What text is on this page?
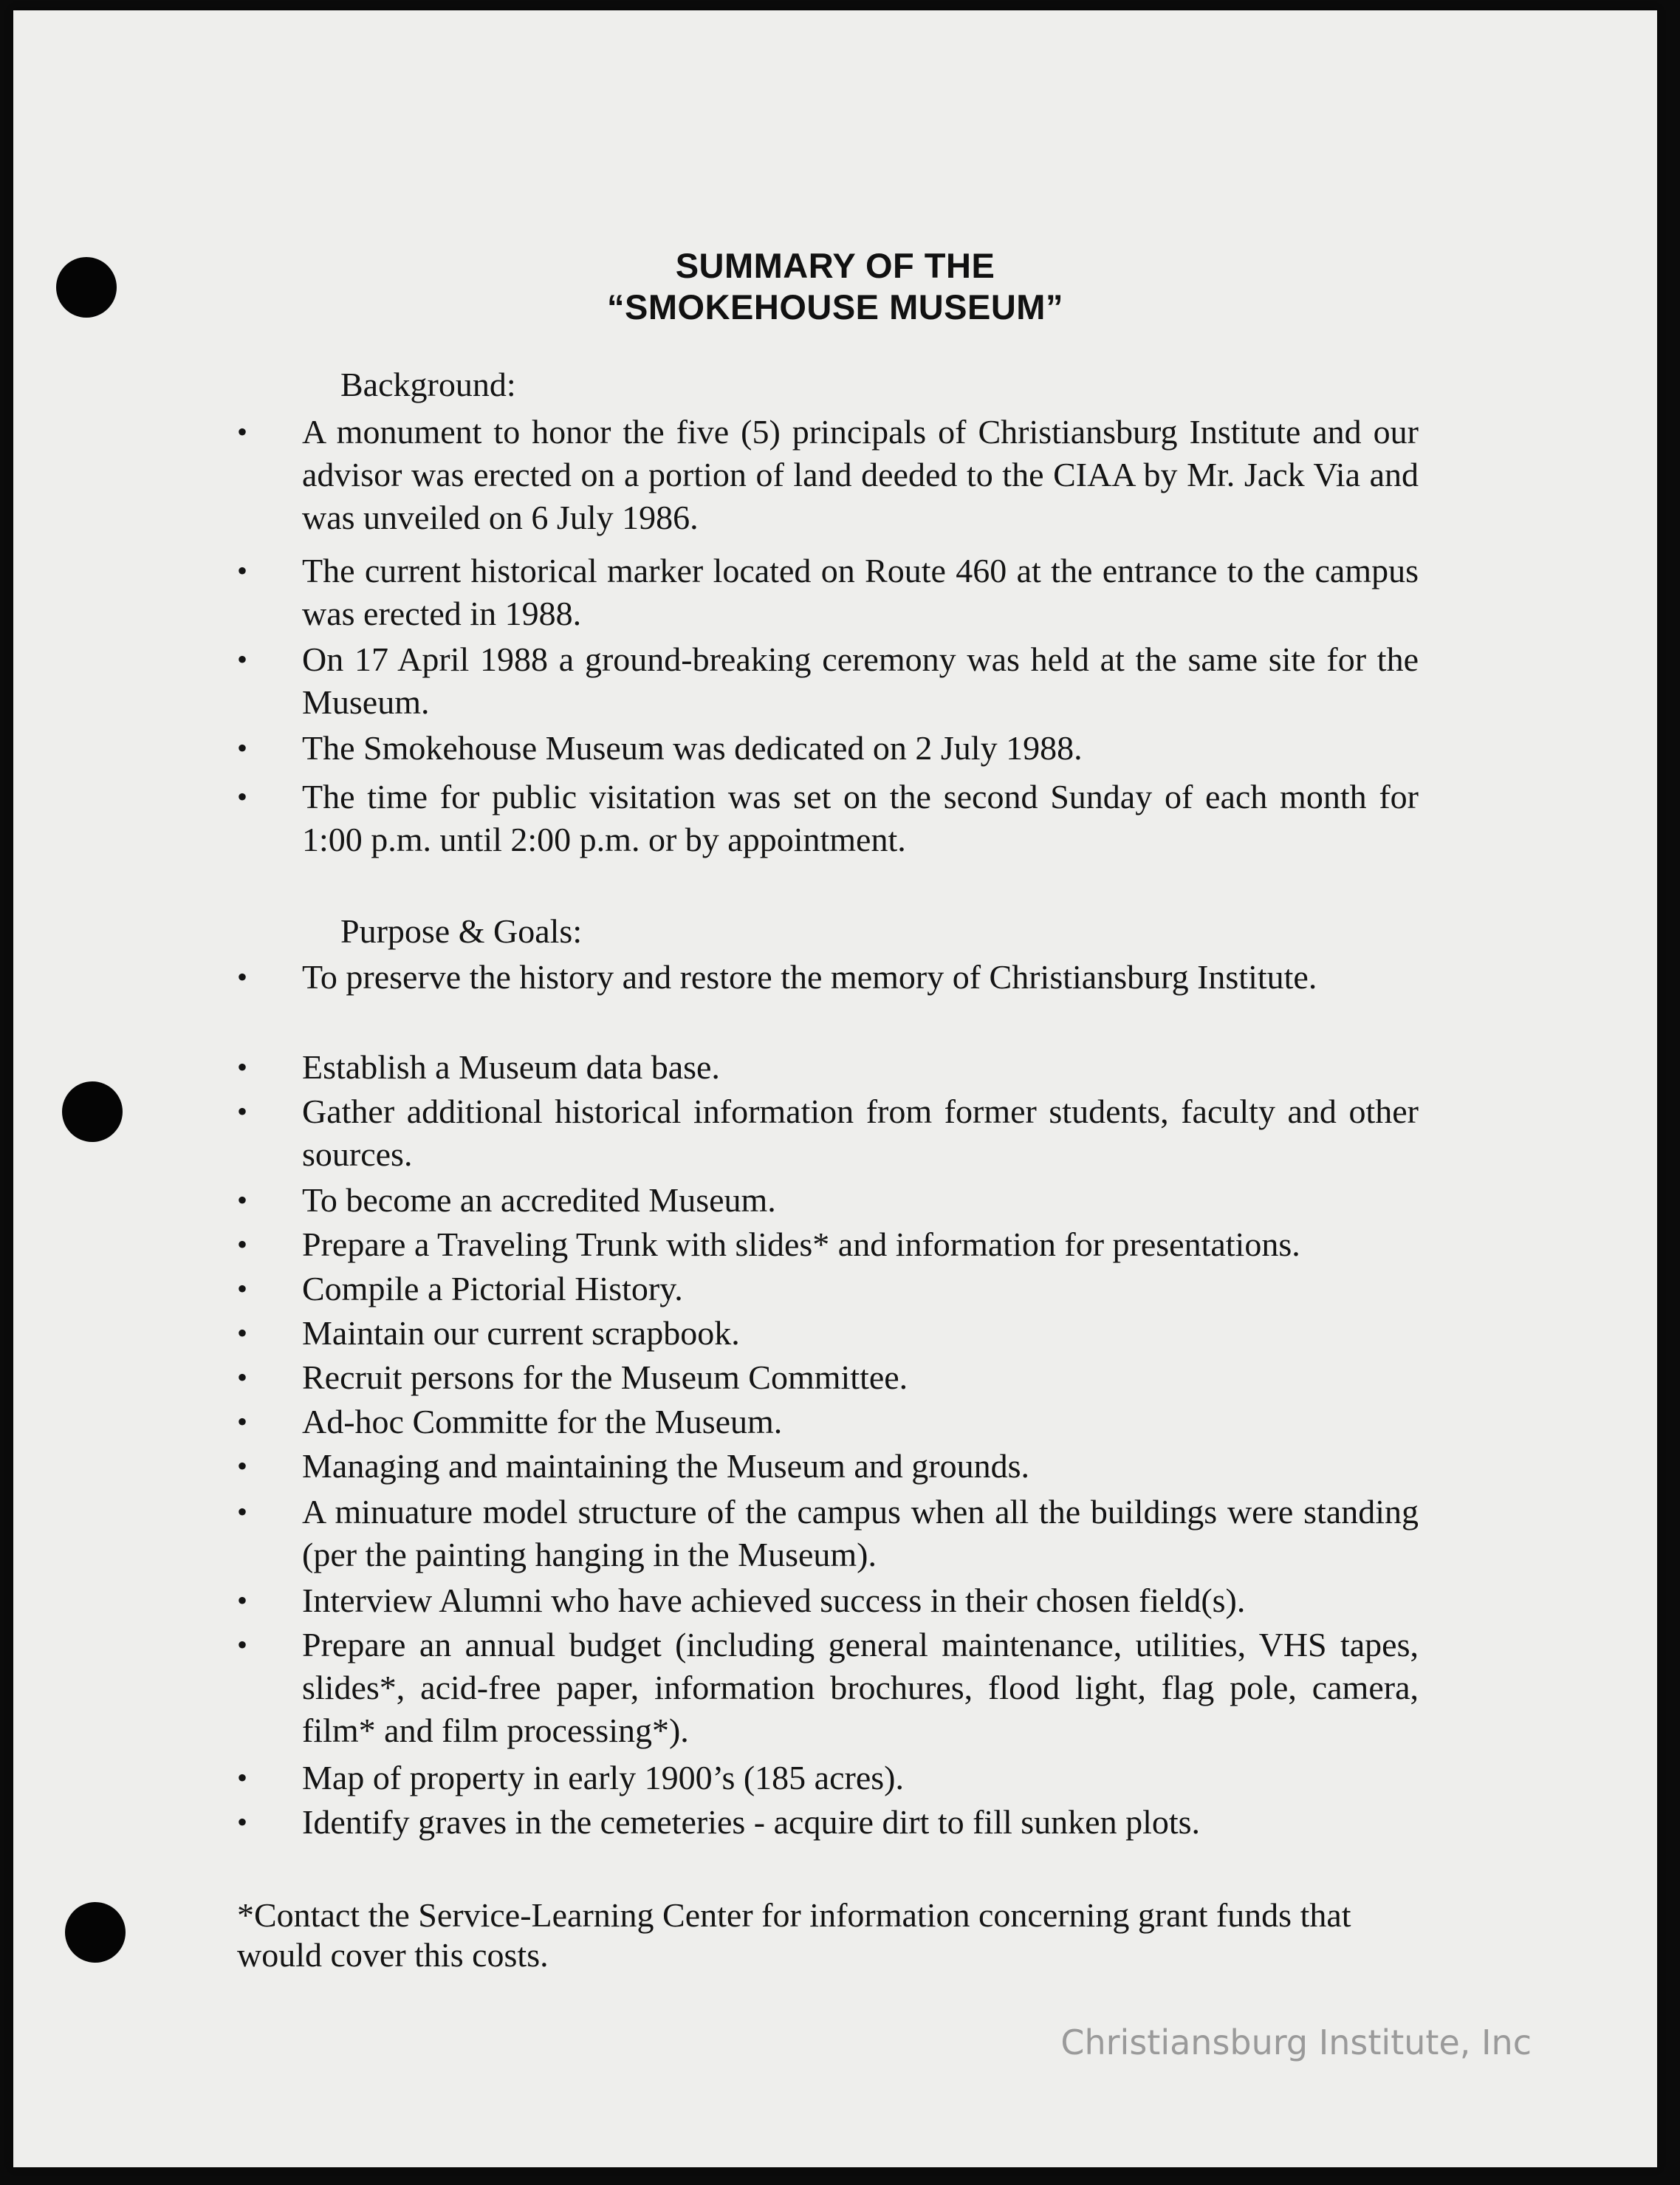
SUMMARY OF THE
“SMOKEHOUSE MUSEUM”
Background:
•	A monument to honor the five (5) principals of Christiansburg Institute and our advisor was erected on a portion of land deeded to the CIAA by Mr. Jack Via and was unveiled on 6 July 1986.
•	The current historical marker located on Route 460 at the entrance to the campus was erected in 1988.
•	On 17 April 1988 a ground-breaking ceremony was held at the same site for the Museum.
•	The Smokehouse Museum was dedicated on 2 July 1988.
•	The time for public visitation was set on the second Sunday of each month for 1:00 p.m. until 2:00 p.m. or by appointment.
Purpose & Goals:
•	To preserve the history and restore the memory of Christiansburg Institute.
•	Establish a Museum data base.
•	Gather additional historical information from former students, faculty and other sources.
•	To become an accredited Museum.
•	Prepare a Traveling Trunk with slides* and information for presentations.
•	Compile a Pictorial History.
•	Maintain our current scrapbook.
•	Recruit persons for the Museum Committee.
•	Ad-hoc Committe for the Museum.
•	Managing and maintaining the Museum and grounds.
•	A minuature model structure of the campus when all the buildings were standing (per the painting hanging in the Museum).
•	Interview Alumni who have achieved success in their chosen field(s).
•	Prepare an annual budget (including general maintenance, utilities, VHS tapes, slides*, acid-free paper, information brochures, flood light, flag pole, camera, film* and film processing*).
•	Map of property in early 1900’s (185 acres).
•	Identify graves in the cemeteries - acquire dirt to fill sunken plots.
*Contact the Service-Learning Center for information concerning grant funds that would cover this costs.
Christiansburg Institute, Inc
